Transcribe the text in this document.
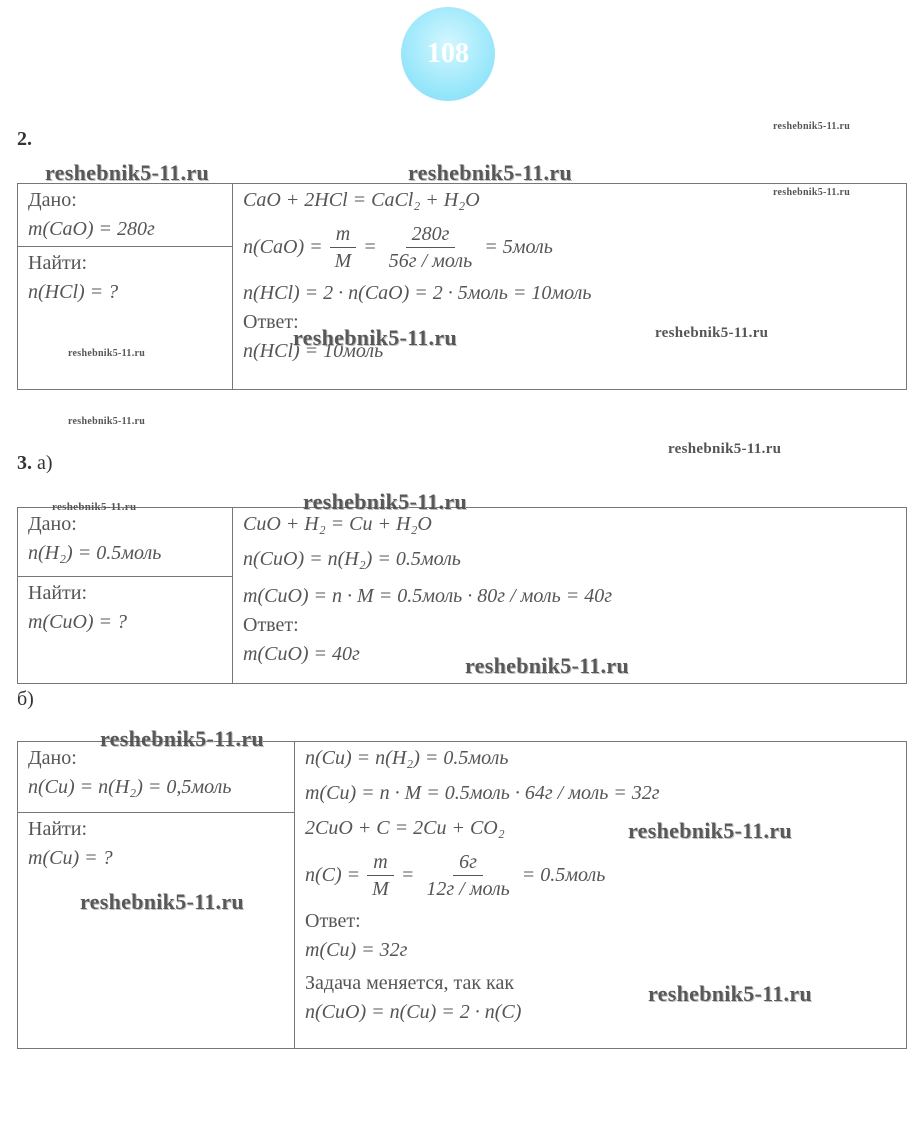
108
2.
Дано:
m(CaO) = 280г
Найти:
n(HCl) = ?
CaO + 2HCl = CaCl₂ + H₂O
$n(CaO) = \frac{m}{M} = \frac{280г}{\text{56г / моль}}$ = 5моль
n(HCl) = 2 · n(CaO) = 2 · 5моль = 10моль
Ответ:
n(HCl) = 10моль
3. а)
Дано:
n(H₂) = 0.5моль
Найти:
m(CuO) = ?
CuO + H₂ = Cu + H₂O
n(CuO) = n(H₂) = 0.5моль
m(CuO) = n · M = 0.5моль · 80г / моль = 40г
Ответ:
m(CuO) = 40г
б)
Дано:
n(Cu) = n(H₂) = 0,5моль
Найти:
m(Cu) = ?
n(Cu) = n(H₂) = 0.5моль
m(Cu) = n · M = 0.5моль · 64г / моль = 32г
2CuO + C = 2Cu + CO₂
$n(C) = \frac{m}{M} = \frac{6г}{\text{12г / моль}}$ = 0.5моль
Ответ:
m(Cu) = 32г
Задача меняется, так как
n(CuO) = n(Cu) = 2 · n(C)
reshebnik5-11.ru	reshebnik5-11.ru
reshebnik5-11.ru
reshebnik5-11.ru
reshebnik5-11.ru
reshebnik5-11.ru
reshebnik5-11.ru
reshebnik5-11.ru
reshebnik5-11.ru
reshebnik5-11.ru
reshebnik5-11.ru
reshebnik5-11.ru
reshebnik5-11.ru
reshebnik5-11.ru
reshebnik5-11.ru
reshebnik5-11.ru
